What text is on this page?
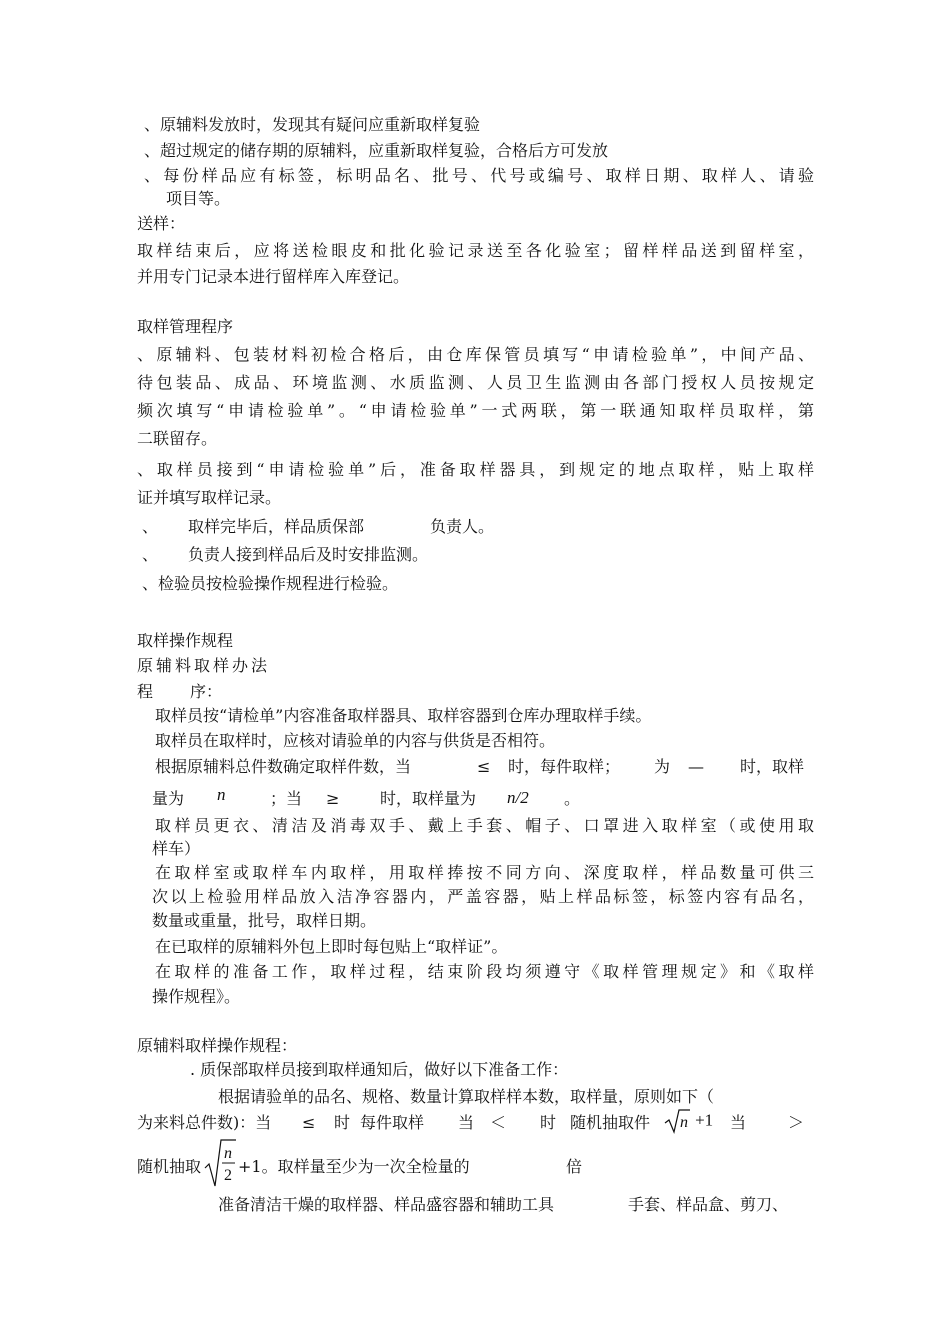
、原辅料发放时，发现其有疑问应重新取样复验
、超过规定的储存期的原辅料，应重新取样复验，合格后方可发放
、每份样品应有标签，标明品名、批号、代号或编号、取样日期、取样人、请验
项目等。
送样：
取样结束后，应将送检眼皮和批化验记录送至各化验室；留样样品送到留样室，
并用专门记录本进行留样库入库登记。
取样管理程序
、原辅料、包装材料初检合格后，由仓库保管员填写“申请检验单”，中间产品、
待包装品、成品、环境监测、水质监测、人员卫生监测由各部门授权人员按规定
频次填写“申请检验单”。“申请检验单”一式两联，第一联通知取样员取样，第
二联留存。
、取样员接到“申请检验单”后，准备取样器具，到规定的地点取样，贴上取样
证并填写取样记录。
、 取样完毕后，样品质保部	负责人。
、 负责人接到样品后及时安排监测。
、检验员按检验操作规程进行检验。
取样操作规程
原辅料取样办法
程 序：
取样员按“请检单”内容准备取样器具、取样容器到仓库办理取样手续。
取样员在取样时，应核对请验单的内容与供货是否相符。
根据原辅料总件数确定取样件数，当	≤ 时，每件取样； 为 — 时，取样
量为 n	；当 ≥	时，取样量为 n/2 。
取样员更衣、清洁及消毒双手、戴上手套、帽子、口罩进入取样室（或使用取
样车）
在取样室或取样车内取样，用取样捧按不同方向、深度取样，样品数量可供三
次以上检验用样品放入洁净容器内，严盖容器，贴上样品标签，标签内容有品名，
数量或重量，批号，取样日期。
在已取样的原辅料外包上即时每包贴上“取样证”。
在取样的准备工作，取样过程，结束阶段均须遵守《取样管理规定》和《取样
操作规程》。
原辅料取样操作规程：
. 质保部取样员接到取样通知后，做好以下准备工作：
根据请验单的品名、规格、数量计算取样样本数，取样量，原则如下（
为来料总件数)：当 ≤ 时 每件取样 当 ＜ 时 随机抽取件 n +1 当	＞
随机抽取
n
2 +1。取样量至少为一次全检量的	倍
准备清洁干燥的取样器、样品盛容器和辅助工具	手套、样品盒、剪刀、
